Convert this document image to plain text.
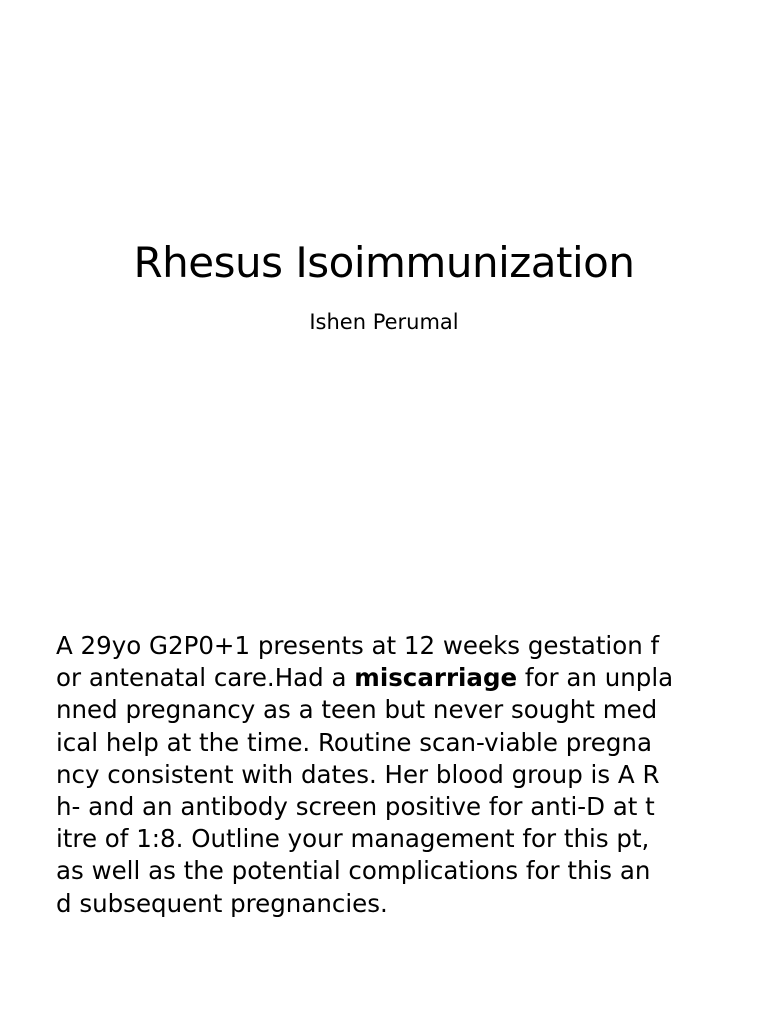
Rhesus Isoimmunization
Ishen Perumal
A 29yo G2P0+1 presents at 12 weeks gestation f
or antenatal care.Had a miscarriage for an unpla
nned pregnancy as a teen but never sought med
ical help at the time. Routine scan-viable pregna
ncy consistent with dates. Her blood group is A R
h- and an antibody screen positive for anti-D at t
itre of 1:8. Outline your management for this pt,
as well as the potential complications for this an
d subsequent pregnancies.
